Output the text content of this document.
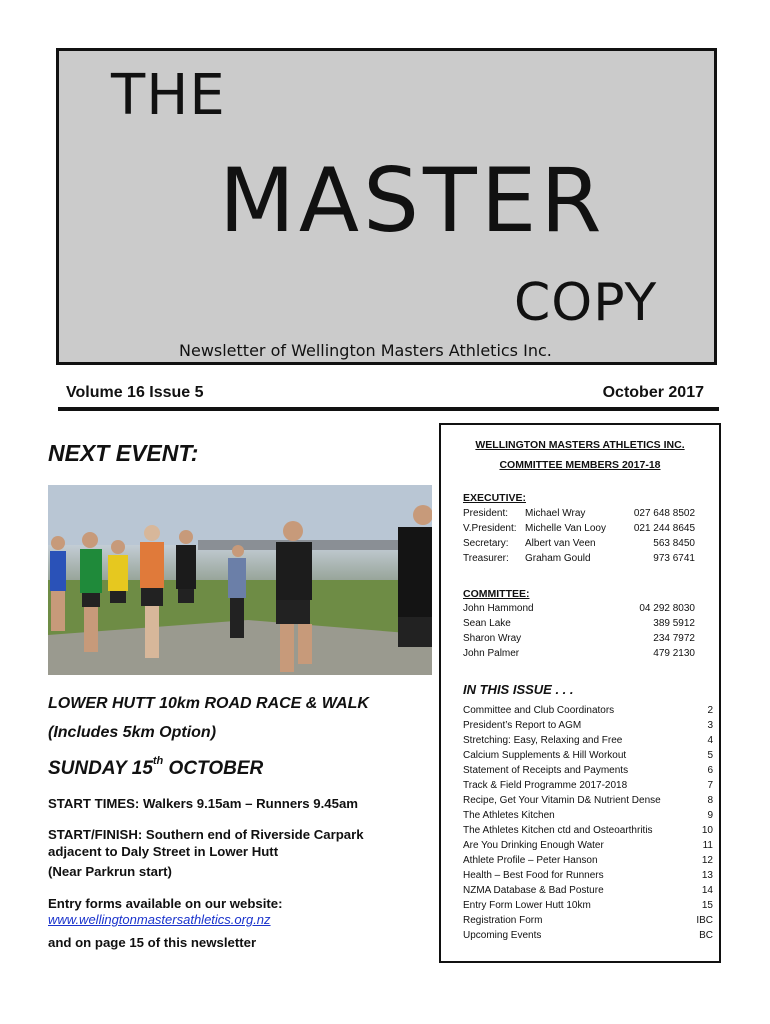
THE
MASTER
COPY
Newsletter of Wellington Masters Athletics Inc.
Volume 16 Issue 5	October 2017
NEXT EVENT:
LOWER HUTT 10km ROAD RACE & WALK
(Includes 5km Option)
SUNDAY 15th OCTOBER
START TIMES: Walkers 9.15am – Runners 9.45am
START/FINISH: Southern end of Riverside Carpark
adjacent to Daly Street in Lower Hutt
(Near Parkrun start)
Entry forms available on our website:
www.wellingtonmastersathletics.org.nz
and on page 15 of this newsletter
WELLINGTON MASTERS ATHLETICS INC.
COMMITTEE MEMBERS 2017-18
EXECUTIVE:
President: Michael Wray	027 648 8502
V.President: Michelle Van Looy	021 244 8645
Secretary: Albert van Veen	563 8450
Treasurer: Graham Gould	973 6741
COMMITTEE:
John Hammond	04 292 8030
Sean Lake	389 5912
Sharon Wray	234 7972
John Palmer	479 2130
IN THIS ISSUE . . .
Committee and Club Coordinators	2
President’s Report to AGM	3
Stretching: Easy, Relaxing and Free	4
Calcium Supplements & Hill Workout	5
Statement of Receipts and Payments	6
Track & Field Programme 2017-2018	7
Recipe, Get Your Vitamin D& Nutrient Dense	8
The Athletes Kitchen	9
The Athletes Kitchen ctd and Osteoarthritis	10
Are You Drinking Enough Water	11
Athlete Profile – Peter Hanson	12
Health – Best Food for Runners	13
NZMA Database & Bad Posture	14
Entry Form Lower Hutt 10km	15
Registration Form	IBC
Upcoming Events	BC
